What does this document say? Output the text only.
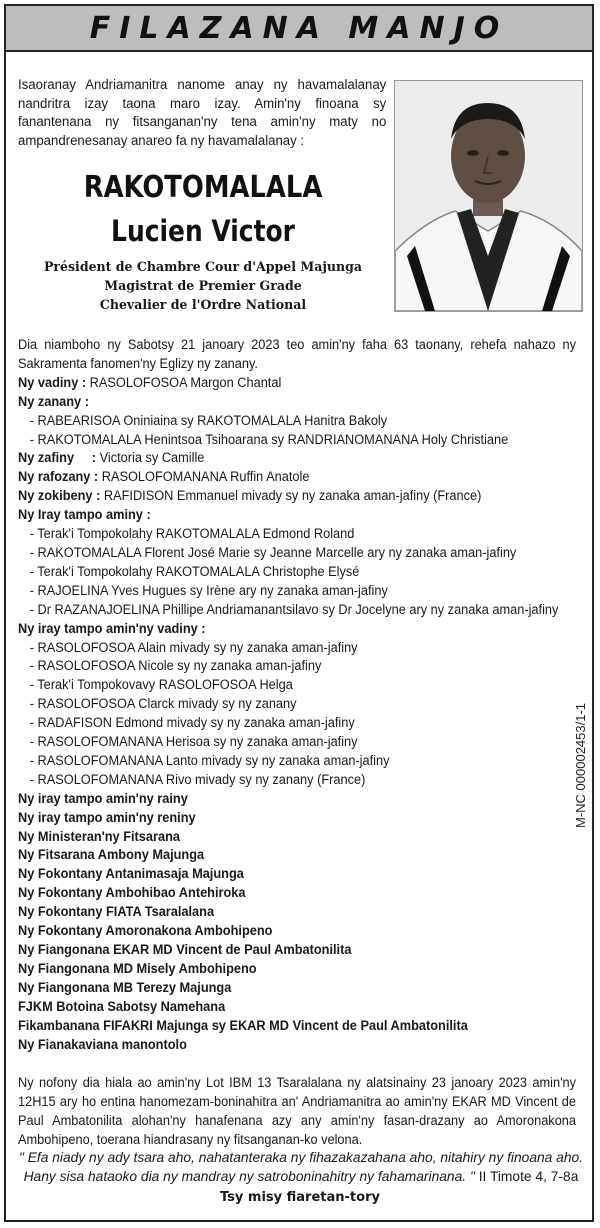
FILAZANA MANJO
Isaoranay Andriamanitra nanome anay ny havamalalanay nandritra izay taona maro izay. Amin'ny finoana sy fanantenana ny fitsanganan'ny tena amin'ny maty no ampandrenesanay anareo fa ny havamalalanay :
RAKOTOMALALA
Lucien Victor
Président de Chambre Cour d'Appel Majunga
Magistrat de Premier Grade
Chevalier de l'Ordre National
Dia niamboho ny Sabotsy 21 janoary 2023 teo amin'ny faha 63 taonany, rehefa nahazo ny Sakramenta fanomen'ny Eglizy ny zanany.
Ny vadiny : RASOLOFOSOA Margon Chantal
Ny zanany :
- RABEARISOA Oniniaina sy RAKOTOMALALA Hanitra Bakoly
- RAKOTOMALALA Henintsoa Tsihoarana sy RANDRIANOMANANA Holy Christiane
Ny zafiny     : Victoria sy Camille
Ny rafozany : RASOLOFOMANANA Ruffin Anatole
Ny zokibeny : RAFIDISON Emmanuel mivady sy ny zanaka aman-jafiny (France)
Ny Iray tampo aminy :
- Terak'i Tompokolahy RAKOTOMALALA Edmond Roland
- RAKOTOMALALA Florent José Marie sy Jeanne Marcelle ary ny zanaka aman-jafiny
- Terak'i Tompokolahy RAKOTOMALALA Christophe Elysé
- RAJOELINA Yves Hugues sy Irène ary ny zanaka aman-jafiny
- Dr RAZANAJOELINA Phillipe Andriamanantsilavo sy Dr Jocelyne ary ny zanaka aman-jafiny
Ny iray tampo amin'ny vadiny :
- RASOLOFOSOA Alain mivady sy ny zanaka aman-jafiny
- RASOLOFOSOA Nicole sy ny zanaka aman-jafiny
- Terak'i Tompokovavy RASOLOFOSOA Helga
- RASOLOFOSOA Clarck mivady sy ny zanany
- RADAFISON Edmond mivady sy ny zanaka aman-jafiny
- RASOLOFOMANANA Herisoa sy ny zanaka aman-jafiny
- RASOLOFOMANANA Lanto mivady sy ny zanaka aman-jafiny
- RASOLOFOMANANA Rivo mivady sy ny zanany (France)
Ny iray tampo amin'ny rainy
Ny iray tampo amin'ny reniny
Ny Ministeran'ny Fitsarana
Ny Fitsarana Ambony Majunga
Ny Fokontany Antanimasaja Majunga
Ny Fokontany Ambohibao Antehiroka
Ny Fokontany FIATA Tsaralalana
Ny Fokontany Amoronakona Ambohipeno
Ny Fiangonana EKAR MD Vincent de Paul Ambatonilita
Ny Fiangonana MD Misely Ambohipeno
Ny Fiangonana MB Terezy Majunga
FJKM Botoina Sabotsy Namehana
Fikambanana FIFAKRI Majunga sy EKAR MD Vincent de Paul Ambatonilita
Ny Fianakaviana manontolo
Ny nofony dia hiala ao amin'ny Lot IBM 13 Tsaralalana ny alatsinainy 23 janoary 2023 amin'ny 12H15 ary ho entina hanomezam-boninahitra an' Andriamanitra ao amin'ny EKAR MD Vincent de Paul Ambatonilita alohan'ny hanafenana azy any amin'ny fasan-drazany ao Amoronakona Ambohipeno, toerana hiandrasany ny fitsanganan-ko velona.
" Efa niady ny ady tsara aho, nahatanteraka ny fihazakazahana aho, nitahiry ny finoana aho.
Hany sisa hataoko dia ny mandray ny satroboninahitry ny fahamarinana. " II Timote 4, 7-8a
Tsy misy fiaretan-tory
M-NC 000002453/1-1
